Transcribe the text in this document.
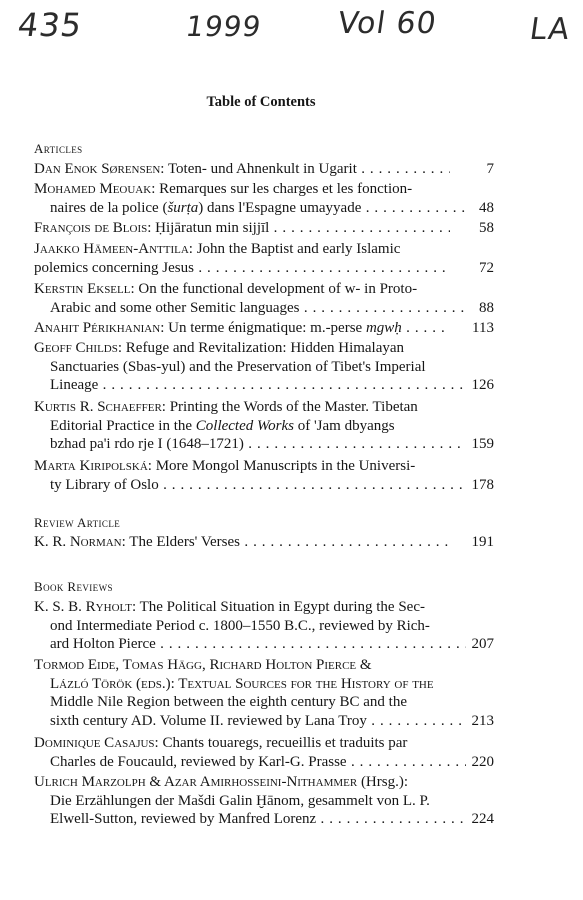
435	1999 Vol 60	LA
Table of Contents
Articles
Dan Enok Sørensen: Toten- und Ahnenkult in Ugarit . . .	7
Mohamed Meouak: Remarques sur les charges et les fonction-
naires de la police (šurṭa) dans l'Espagne umayyade . . .	48
François de Blois: Ḥijāratun min sijjīl . . .	58
Jaakko Hämeen-Anttila: John the Baptist and early Islamic
polemics concerning Jesus . . .	72
Kerstin Eksell: On the functional development of w- in Proto-
Arabic and some other Semitic languages . . .	88
Anahit Périkhanian: Un terme énigmatique: m.-perse mgwḥ . . .	113
Geoff Childs: Refuge and Revitalization: Hidden Himalayan
Sanctuaries (Sbas-yul) and the Preservation of Tibet's Imperial
Lineage . . .	126
Kurtis R. Schaeffer: Printing the Words of the Master. Tibetan
Editorial Practice in the Collected Works of 'Jam dbyangs
bzhad pa'i rdo rje I (1648–1721) . . .	159
Marta Kiripolská: More Mongol Manuscripts in the Universi-
ty Library of Oslo . . .	178
Review Article
K. R. Norman: The Elders' Verses . . .	191
Book Reviews
K. S. B. Ryholt: The Political Situation in Egypt during the Sec-
ond Intermediate Period c. 1800–1550 B.C., reviewed by Rich-
ard Holton Pierce . . .	207
Tormod Eide, Tomas Hägg, Richard Holton Pierce &
Lázló Török (eds.): Textual Sources for the History of the
Middle Nile Region between the eighth century BC and the
sixth century AD. Volume II. reviewed by Lana Troy . . .	213
Dominique Casajus: Chants touaregs, recueillis et traduits par
Charles de Foucauld, reviewed by Karl-G. Prasse . . .	220
Ulrich Marzolph & Azar Amirhosseini-Nithammer (Hrsg.):
Die Erzählungen der Mašdi Galin Ḫānom, gesammelt von L. P.
Elwell-Sutton, reviewed by Manfred Lorenz . . .	224
